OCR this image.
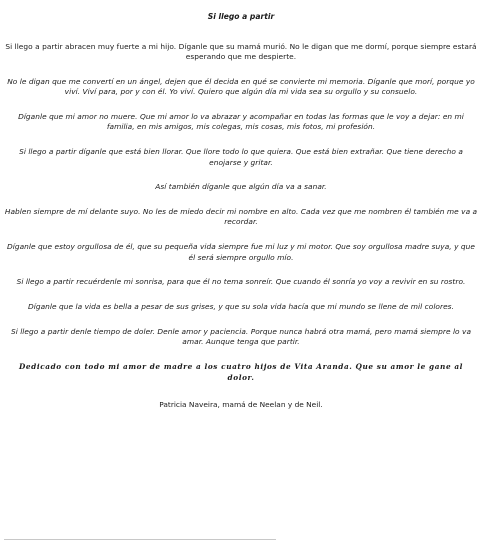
Si llego a partir

Si llego a partir abracen muy fuerte a mi hijo. Díganle que su mamá murió. No le digan que me dormí, porque siempre estará esperando que me despierte.

No le digan que me convertí en un ángel, dejen que él decida en qué se convierte mi memoria. Díganle que morí, porque yo viví. Viví para, por y con él. Yo viví. Quiero que algún día mi vida sea su orgullo y su consuelo.

Díganle que mi amor no muere. Que mi amor lo va abrazar y acompañar en todas las formas que le voy a dejar: en mi familia, en mis amigos, mis colegas, mis cosas, mis fotos, mi profesión.

Si llego a partir díganle que está bien llorar. Que llore todo lo que quiera. Que está bien extrañar. Que tiene derecho a enojarse y gritar.

Así también díganle que algún día va a sanar.

Hablen siempre de mí delante suyo. No les de miedo decir mi nombre en alto. Cada vez que me nombren él también me va a recordar.

Díganle que estoy orgullosa de él, que su pequeña vida siempre fue mi luz y mi motor. Que soy orgullosa madre suya, y que él será siempre orgullo mío.

Si llego a partir recuérdenle mi sonrisa, para que él no tema sonreír. Que cuando él sonría yo voy a revivir en su rostro.

Díganle que la vida es bella a pesar de sus grises, y que su sola vida hacía que mi mundo se llene de mil colores.

Si llego a partir denle tiempo de doler. Denle amor y paciencia. Porque nunca habrá otra mamá, pero mamá siempre lo va amar. Aunque tenga que partir.

Dedicado con todo mi amor de madre a los cuatro hijos de Vita Aranda. Que su amor le gane al dolor.

Patricia Naveira, mamá de Neelan y de Neil.
